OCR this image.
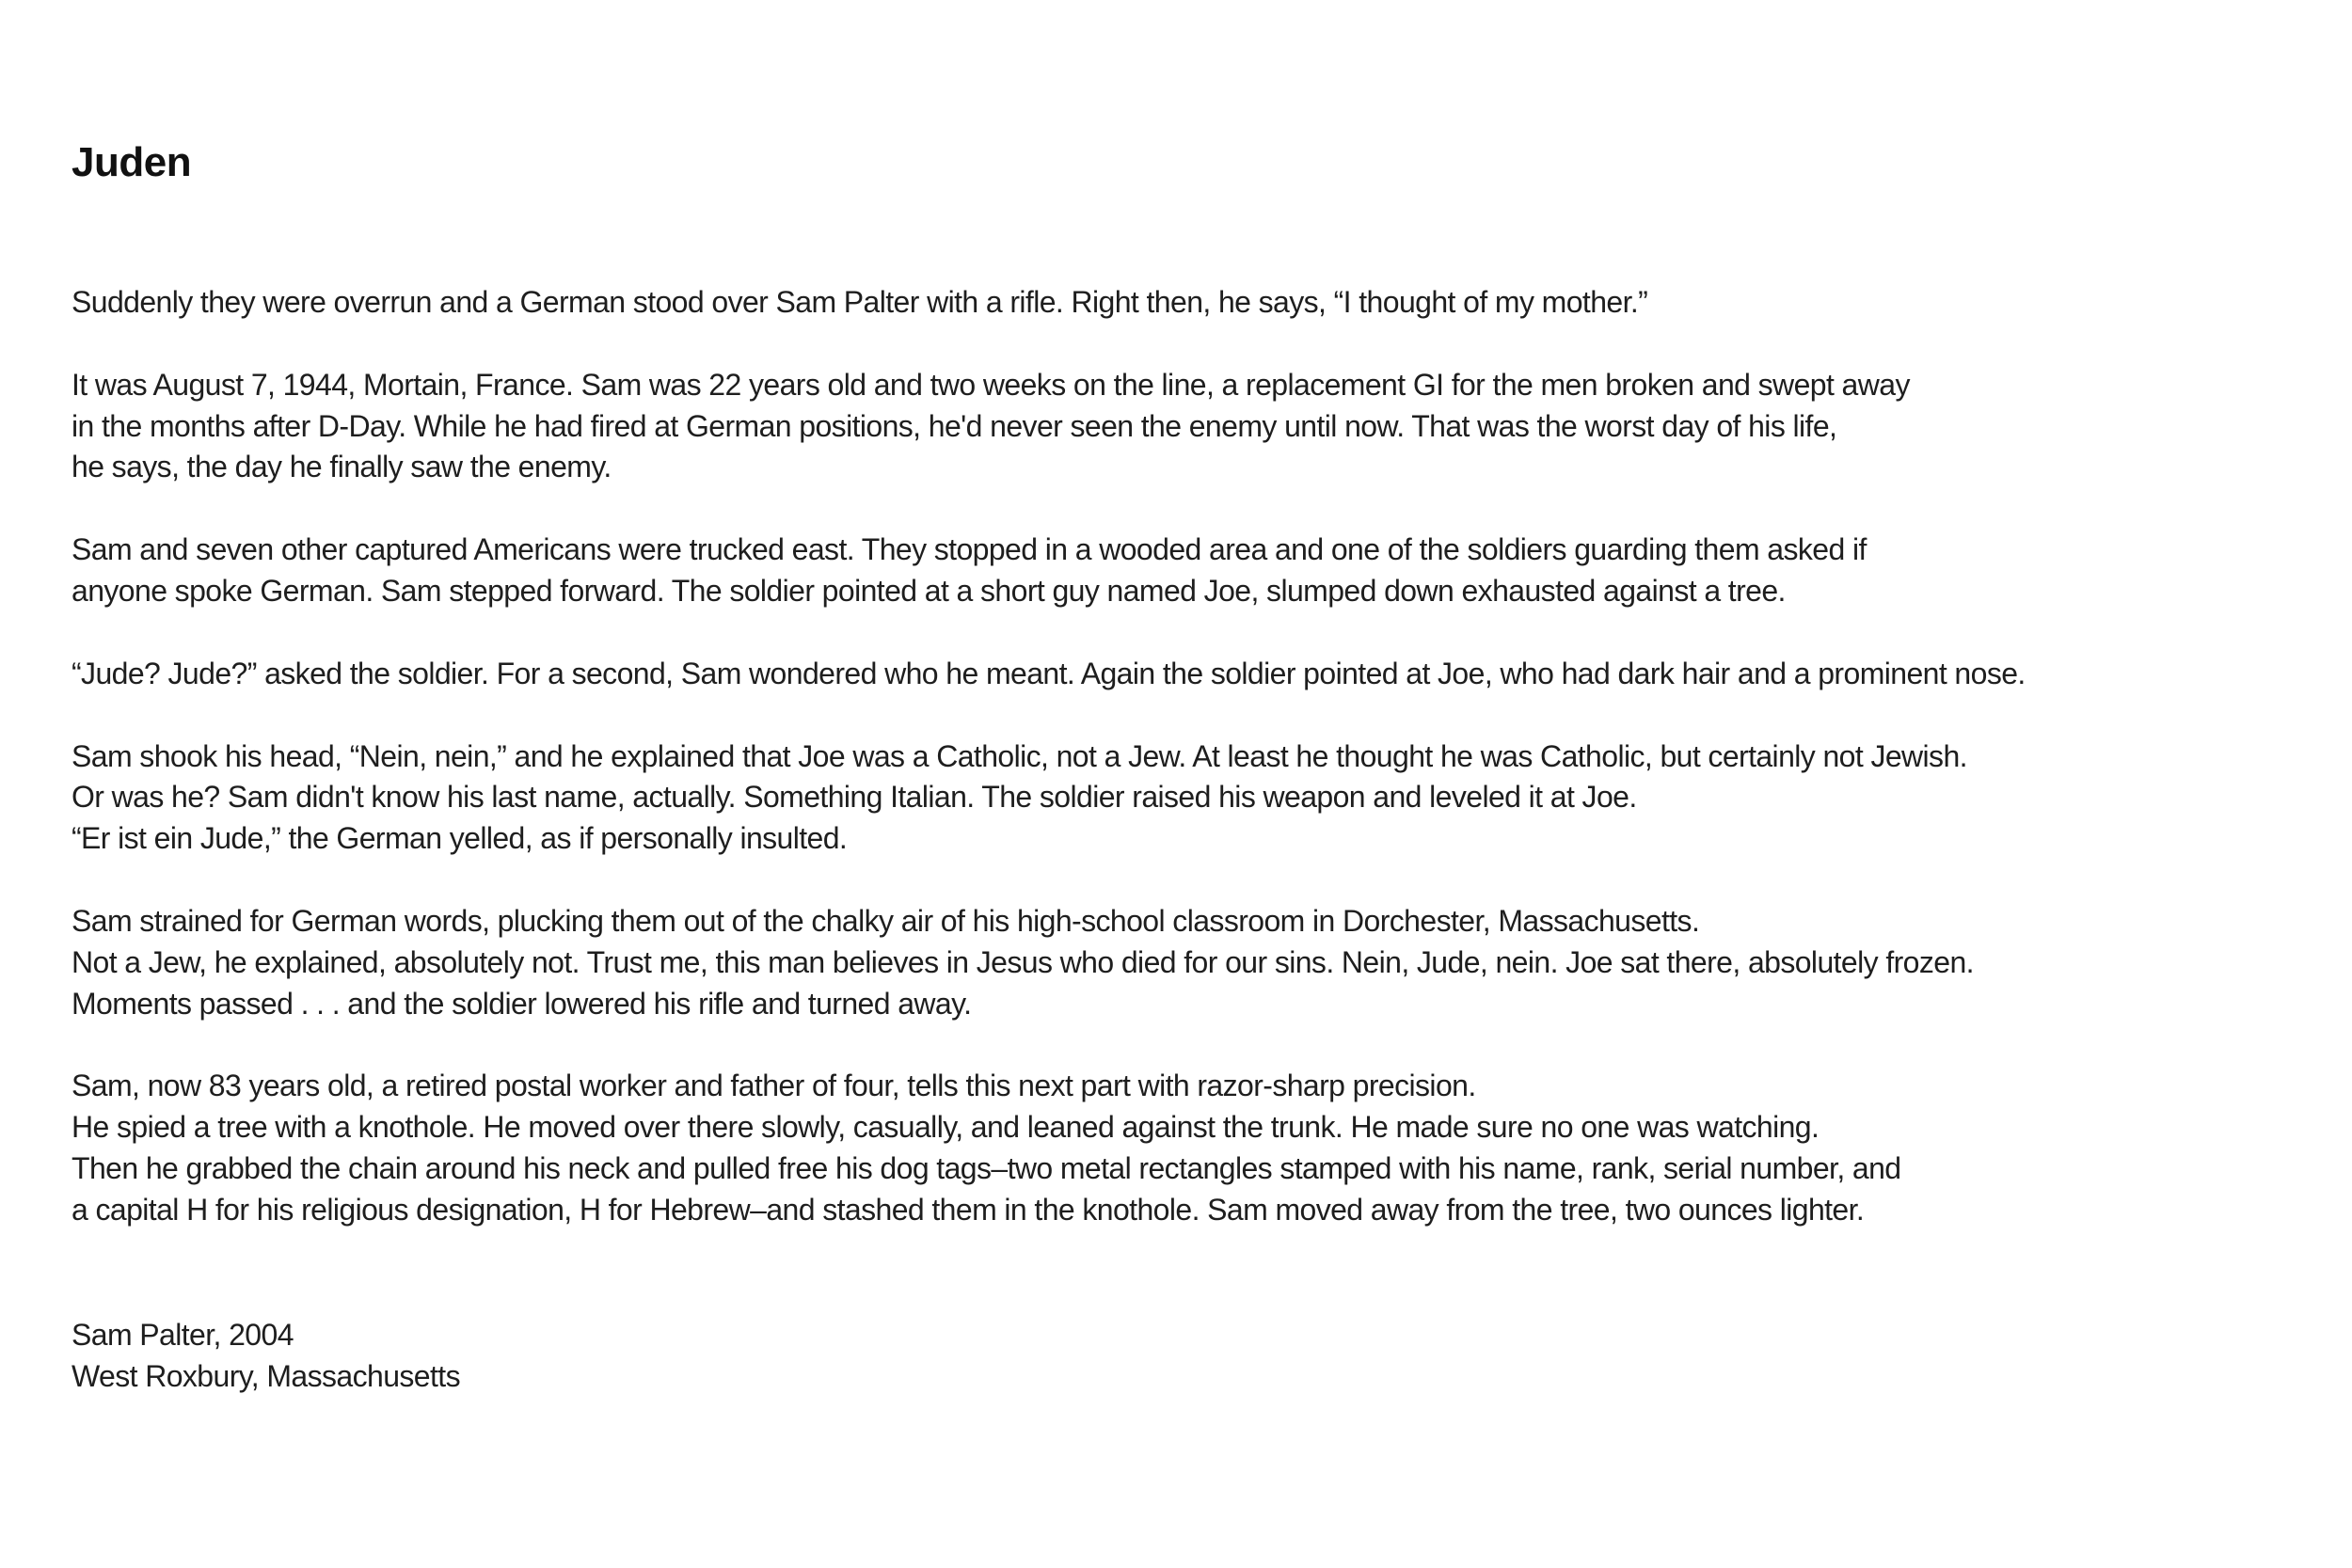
Juden

Suddenly they were overrun and a German stood over Sam Palter with a rifle. Right then, he says, “I thought of my mother.”

It was August 7, 1944, Mortain, France. Sam was 22 years old and two weeks on the line, a replacement GI for the men broken and swept away
in the months after D-Day. While he had fired at German positions, he'd never seen the enemy until now. That was the worst day of his life,
he says, the day he finally saw the enemy.

Sam and seven other captured Americans were trucked east. They stopped in a wooded area and one of the soldiers guarding them asked if
anyone spoke German. Sam stepped forward. The soldier pointed at a short guy named Joe, slumped down exhausted against a tree.

“Jude? Jude?” asked the soldier. For a second, Sam wondered who he meant. Again the soldier pointed at Joe, who had dark hair and a prominent nose.

Sam shook his head, “Nein, nein,” and he explained that Joe was a Catholic, not a Jew. At least he thought he was Catholic, but certainly not Jewish.
Or was he? Sam didn't know his last name, actually. Something Italian. The soldier raised his weapon and leveled it at Joe.
“Er ist ein Jude,” the German yelled, as if personally insulted.

Sam strained for German words, plucking them out of the chalky air of his high-school classroom in Dorchester, Massachusetts.
Not a Jew, he explained, absolutely not. Trust me, this man believes in Jesus who died for our sins. Nein, Jude, nein. Joe sat there, absolutely frozen.
Moments passed . . . and the soldier lowered his rifle and turned away.

Sam, now 83 years old, a retired postal worker and father of four, tells this next part with razor-sharp precision.
He spied a tree with a knothole. He moved over there slowly, casually, and leaned against the trunk. He made sure no one was watching.
Then he grabbed the chain around his neck and pulled free his dog tags–two metal rectangles stamped with his name, rank, serial number, and
a capital H for his religious designation, H for Hebrew–and stashed them in the knothole. Sam moved away from the tree, two ounces lighter.

Sam Palter, 2004
West Roxbury, Massachusetts
